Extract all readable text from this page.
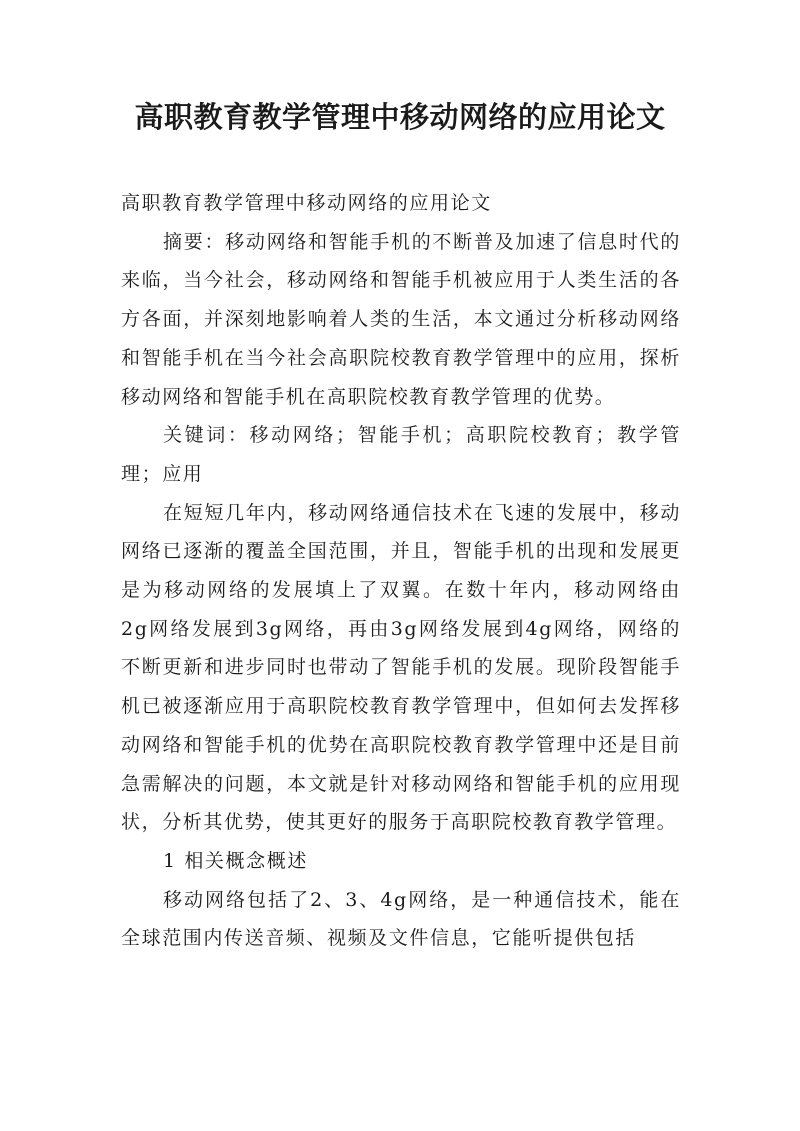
高职教育教学管理中移动网络的应用论文

高职教育教学管理中移动网络的应用论文

摘要：移动网络和智能手机的不断普及加速了信息时代的来临，当今社会，移动网络和智能手机被应用于人类生活的各方各面，并深刻地影响着人类的生活，本文通过分析移动网络和智能手机在当今社会高职院校教育教学管理中的应用，探析移动网络和智能手机在高职院校教育教学管理的优势。

关键词：移动网络；智能手机；高职院校教育；教学管理；应用

在短短几年内，移动网络通信技术在飞速的发展中，移动网络已逐渐的覆盖全国范围，并且，智能手机的出现和发展更是为移动网络的发展填上了双翼。在数十年内，移动网络由2g网络发展到3g网络，再由3g网络发展到4g网络，网络的不断更新和进步同时也带动了智能手机的发展。现阶段智能手机已被逐渐应用于高职院校教育教学管理中，但如何去发挥移动网络和智能手机的优势在高职院校教育教学管理中还是目前急需解决的问题，本文就是针对移动网络和智能手机的应用现状，分析其优势，使其更好的服务于高职院校教育教学管理。

1 相关概念概述

移动网络包括了2、3、4g网络，是一种通信技术，能在全球范围内传送音频、视频及文件信息，它能听提供包括
